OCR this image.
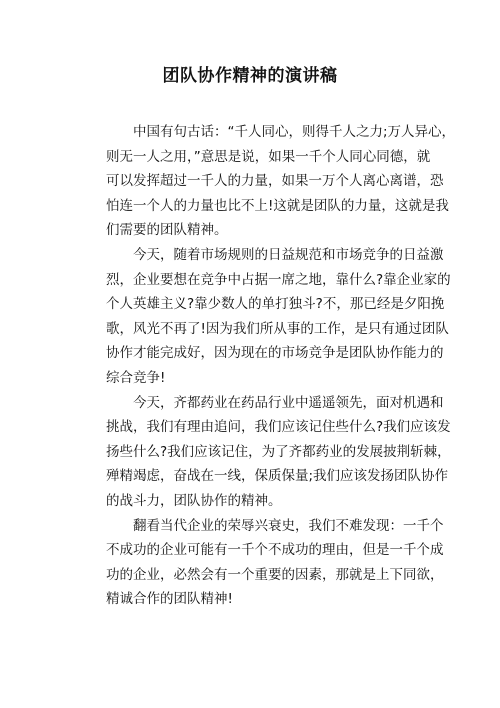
团队协作精神的演讲稿

中国有句古话：“千人同心，则得千人之力;万人异心，
则无一人之用，”意思是说，如果一千个人同心同德，就
可以发挥超过一千人的力量，如果一万个人离心离谱，恐
怕连一个人的力量也比不上!这就是团队的力量，这就是我
们需要的团队精神。

今天，随着市场规则的日益规范和市场竞争的日益激
烈，企业要想在竞争中占据一席之地，靠什么?靠企业家的
个人英雄主义?靠少数人的单打独斗?不，那已经是夕阳挽
歌，风光不再了!因为我们所从事的工作，是只有通过团队
协作才能完成好，因为现在的市场竞争是团队协作能力的
综合竞争!

今天，齐都药业在药品行业中遥遥领先，面对机遇和
挑战，我们有理由追问，我们应该记住些什么?我们应该发
扬些什么?我们应该记住，为了齐都药业的发展披荆斩棘，
殚精竭虑，奋战在一线，保质保量;我们应该发扬团队协作
的战斗力，团队协作的精神。

翻看当代企业的荣辱兴衰史，我们不难发现：一千个
不成功的企业可能有一千个不成功的理由，但是一千个成
功的企业，必然会有一个重要的因素，那就是上下同欲，
精诚合作的团队精神!
